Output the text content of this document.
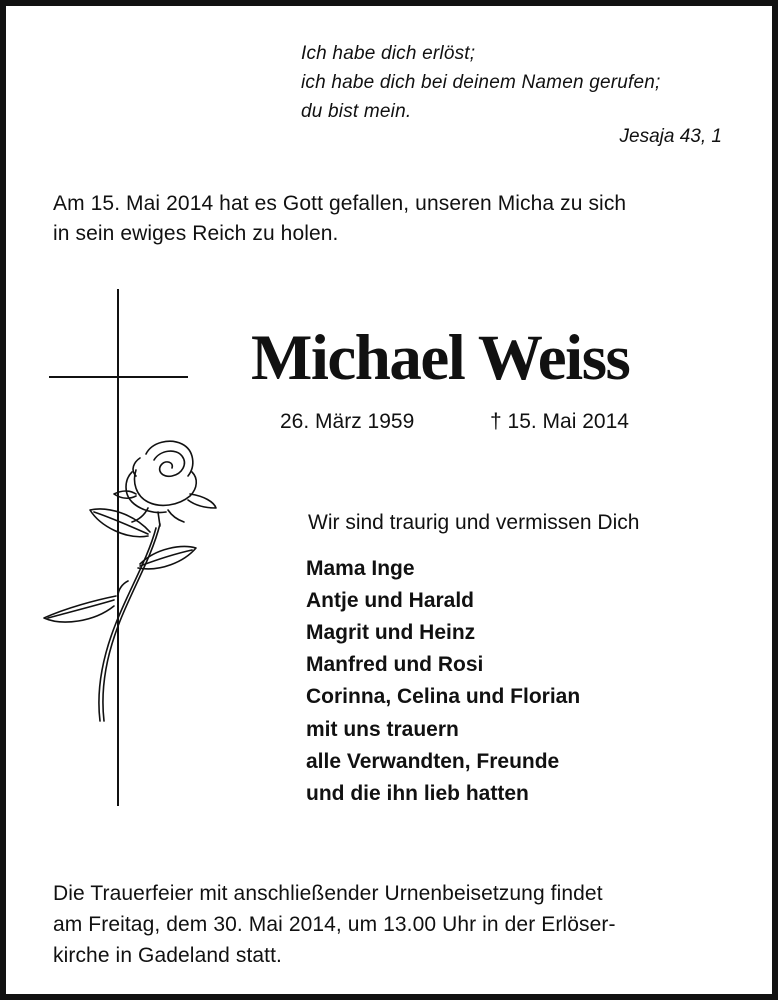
Ich habe dich erlöst;
ich habe dich bei deinem Namen gerufen;
du bist mein.
Jesaja 43, 1
Am 15. Mai 2014 hat es Gott gefallen, unseren Micha zu sich
in sein ewiges Reich zu holen.
Michael Weiss
26. März 1959	† 15. Mai 2014
Wir sind traurig und vermissen Dich
Mama Inge
Antje und Harald
Magrit und Heinz
Manfred und Rosi
Corinna, Celina und Florian
mit uns trauern
alle Verwandten, Freunde
und die ihn lieb hatten
Die Trauerfeier mit anschließender Urnenbeisetzung findet
am Freitag, dem 30. Mai 2014, um 13.00 Uhr in der Erlöser-
kirche in Gadeland statt.
